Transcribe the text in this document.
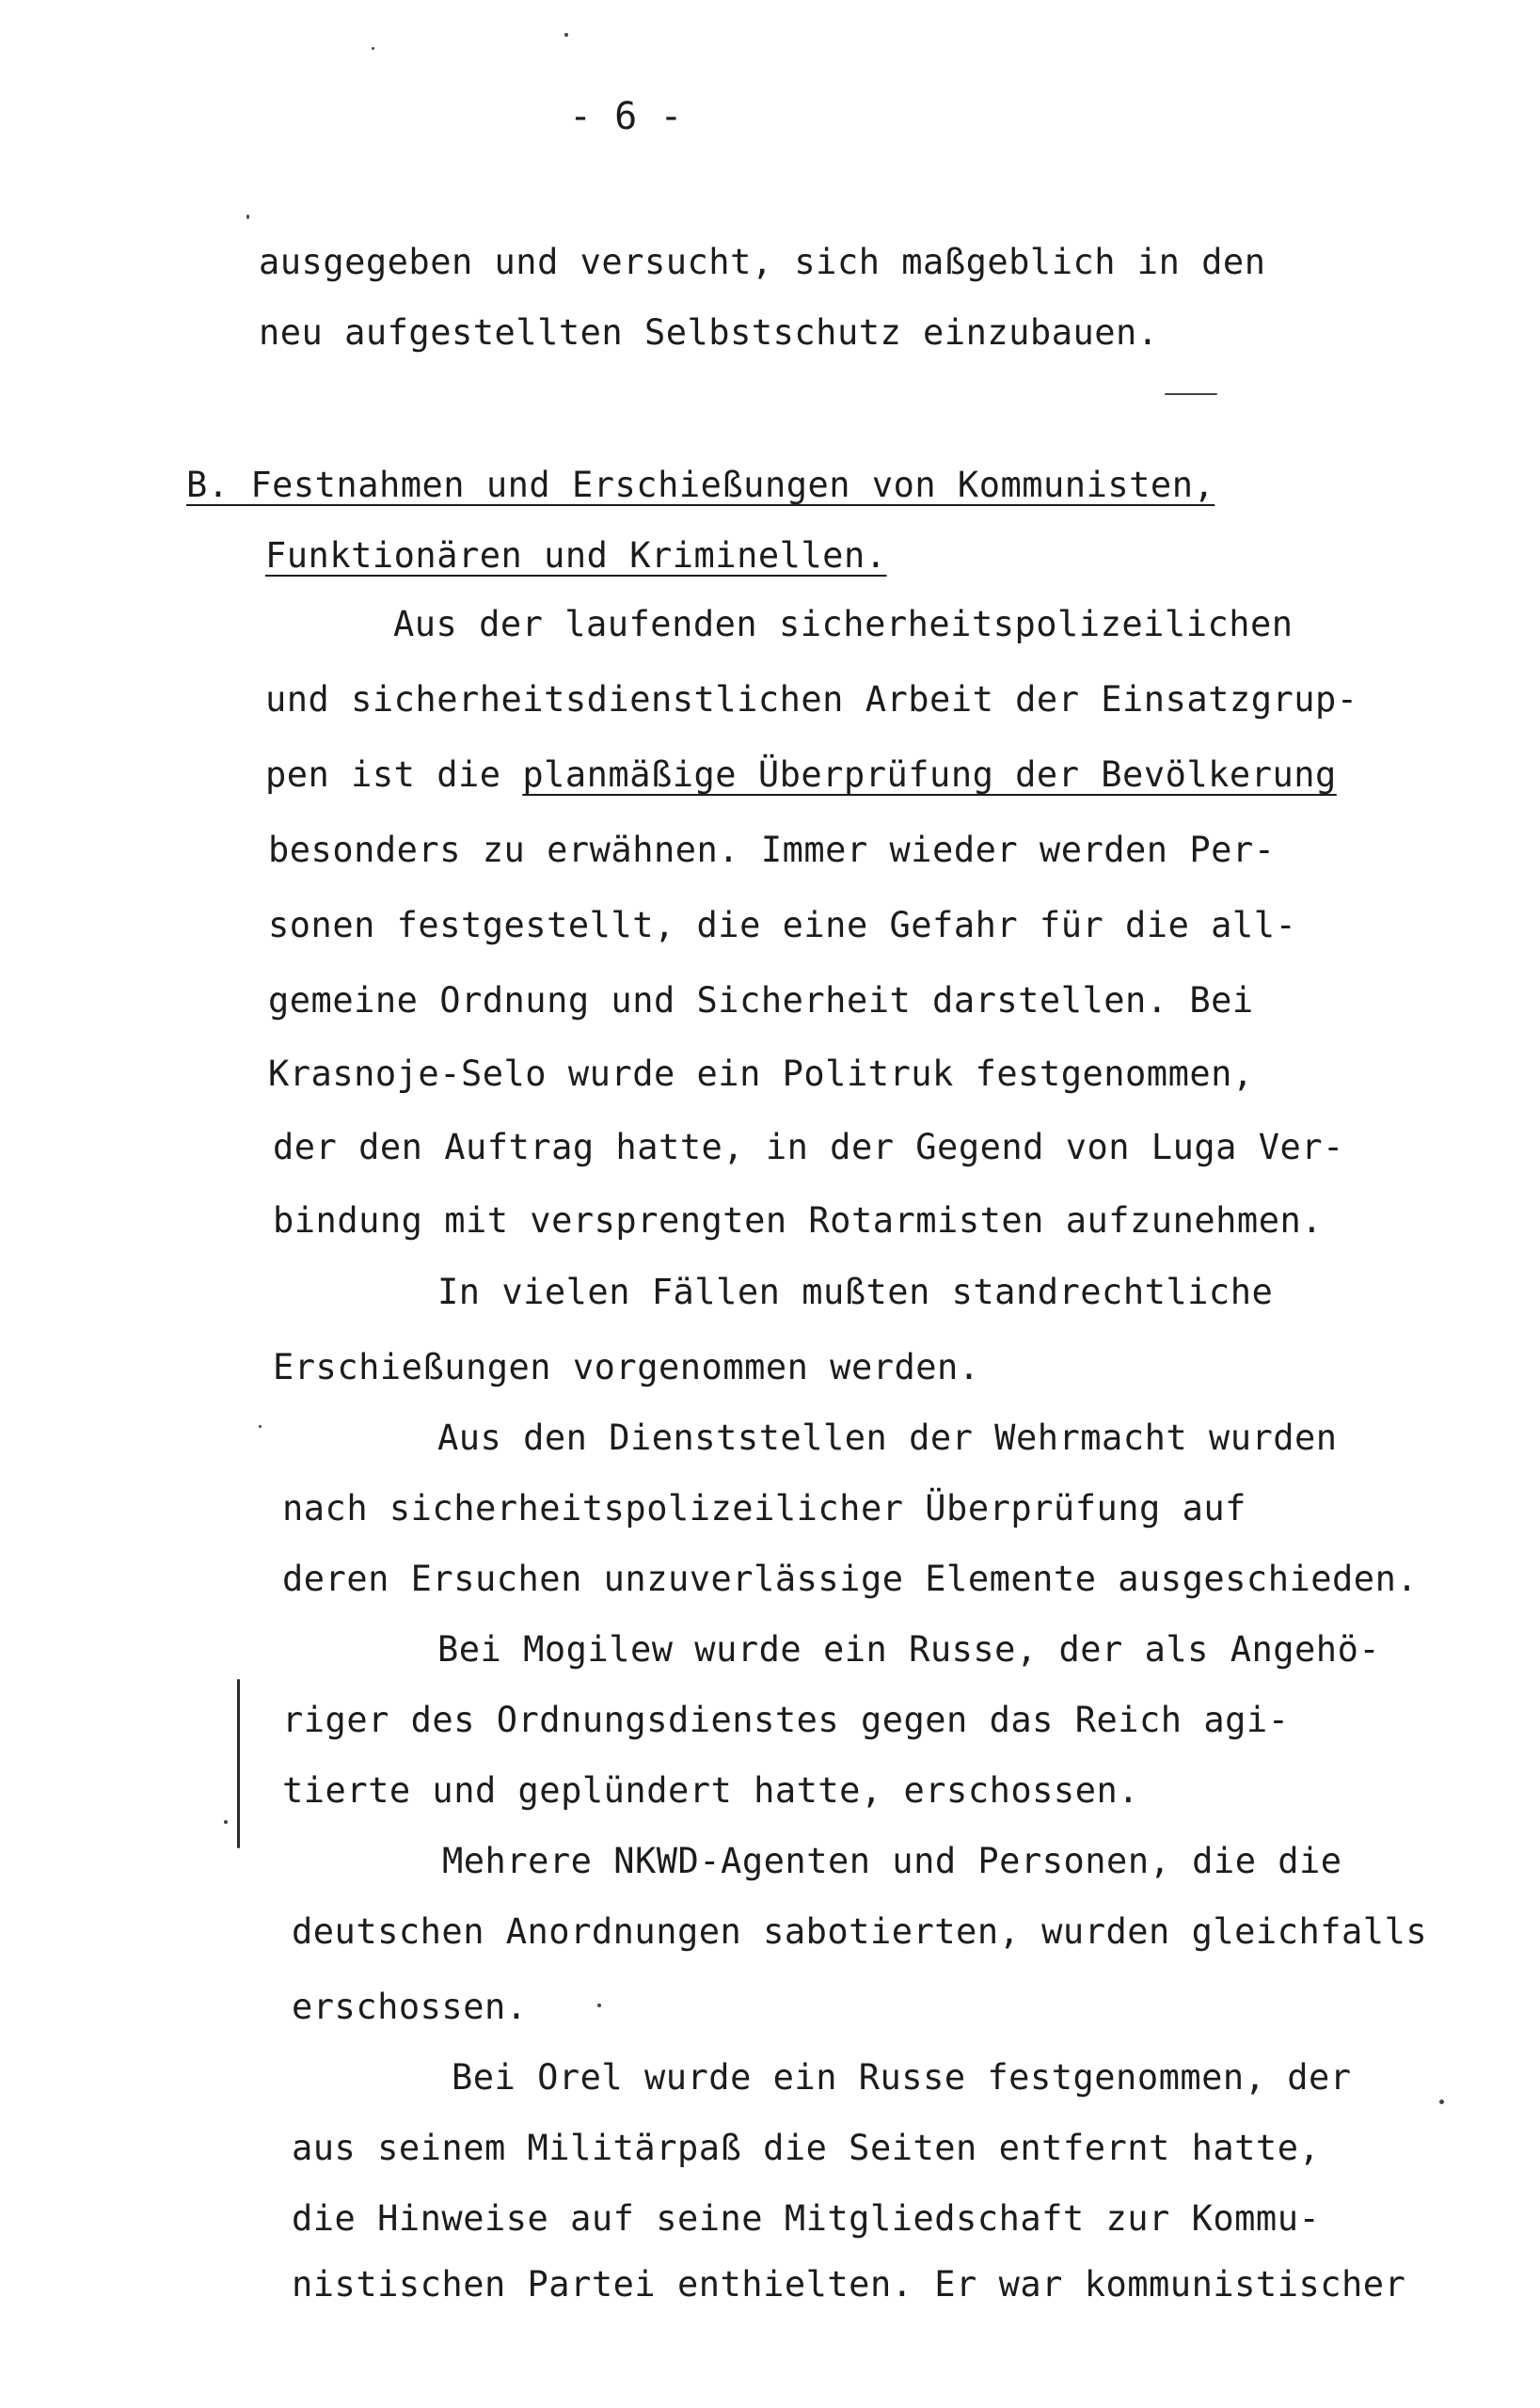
- 6 -
ausgegeben und versucht, sich maßgeblich in den
neu aufgestellten Selbstschutz einzubauen.
B. Festnahmen und Erschießungen von Kommunisten,
Funktionären und Kriminellen.
Aus der laufenden sicherheitspolizeilichen
und sicherheitsdienstlichen Arbeit der Einsatzgrup-
pen ist die planmäßige Überprüfung der Bevölkerung
besonders zu erwähnen. Immer wieder werden Per-
sonen festgestellt, die eine Gefahr für die all-
gemeine Ordnung und Sicherheit darstellen. Bei
Krasnoje-Selo wurde ein Politruk festgenommen,
der den Auftrag hatte, in der Gegend von Luga Ver-
bindung mit versprengten Rotarmisten aufzunehmen.
In vielen Fällen mußten standrechtliche
Erschießungen vorgenommen werden.
Aus den Dienststellen der Wehrmacht wurden
nach sicherheitspolizeilicher Überprüfung auf
deren Ersuchen unzuverlässige Elemente ausgeschieden.
Bei Mogilew wurde ein Russe, der als Angehö-
riger des Ordnungsdienstes gegen das Reich agi-
tierte und geplündert hatte, erschossen.
Mehrere NKWD-Agenten und Personen, die die
deutschen Anordnungen sabotierten, wurden gleichfalls
erschossen.
Bei Orel wurde ein Russe festgenommen, der
aus seinem Militärpaß die Seiten entfernt hatte,
die Hinweise auf seine Mitgliedschaft zur Kommu-
nistischen Partei enthielten. Er war kommunistischer
